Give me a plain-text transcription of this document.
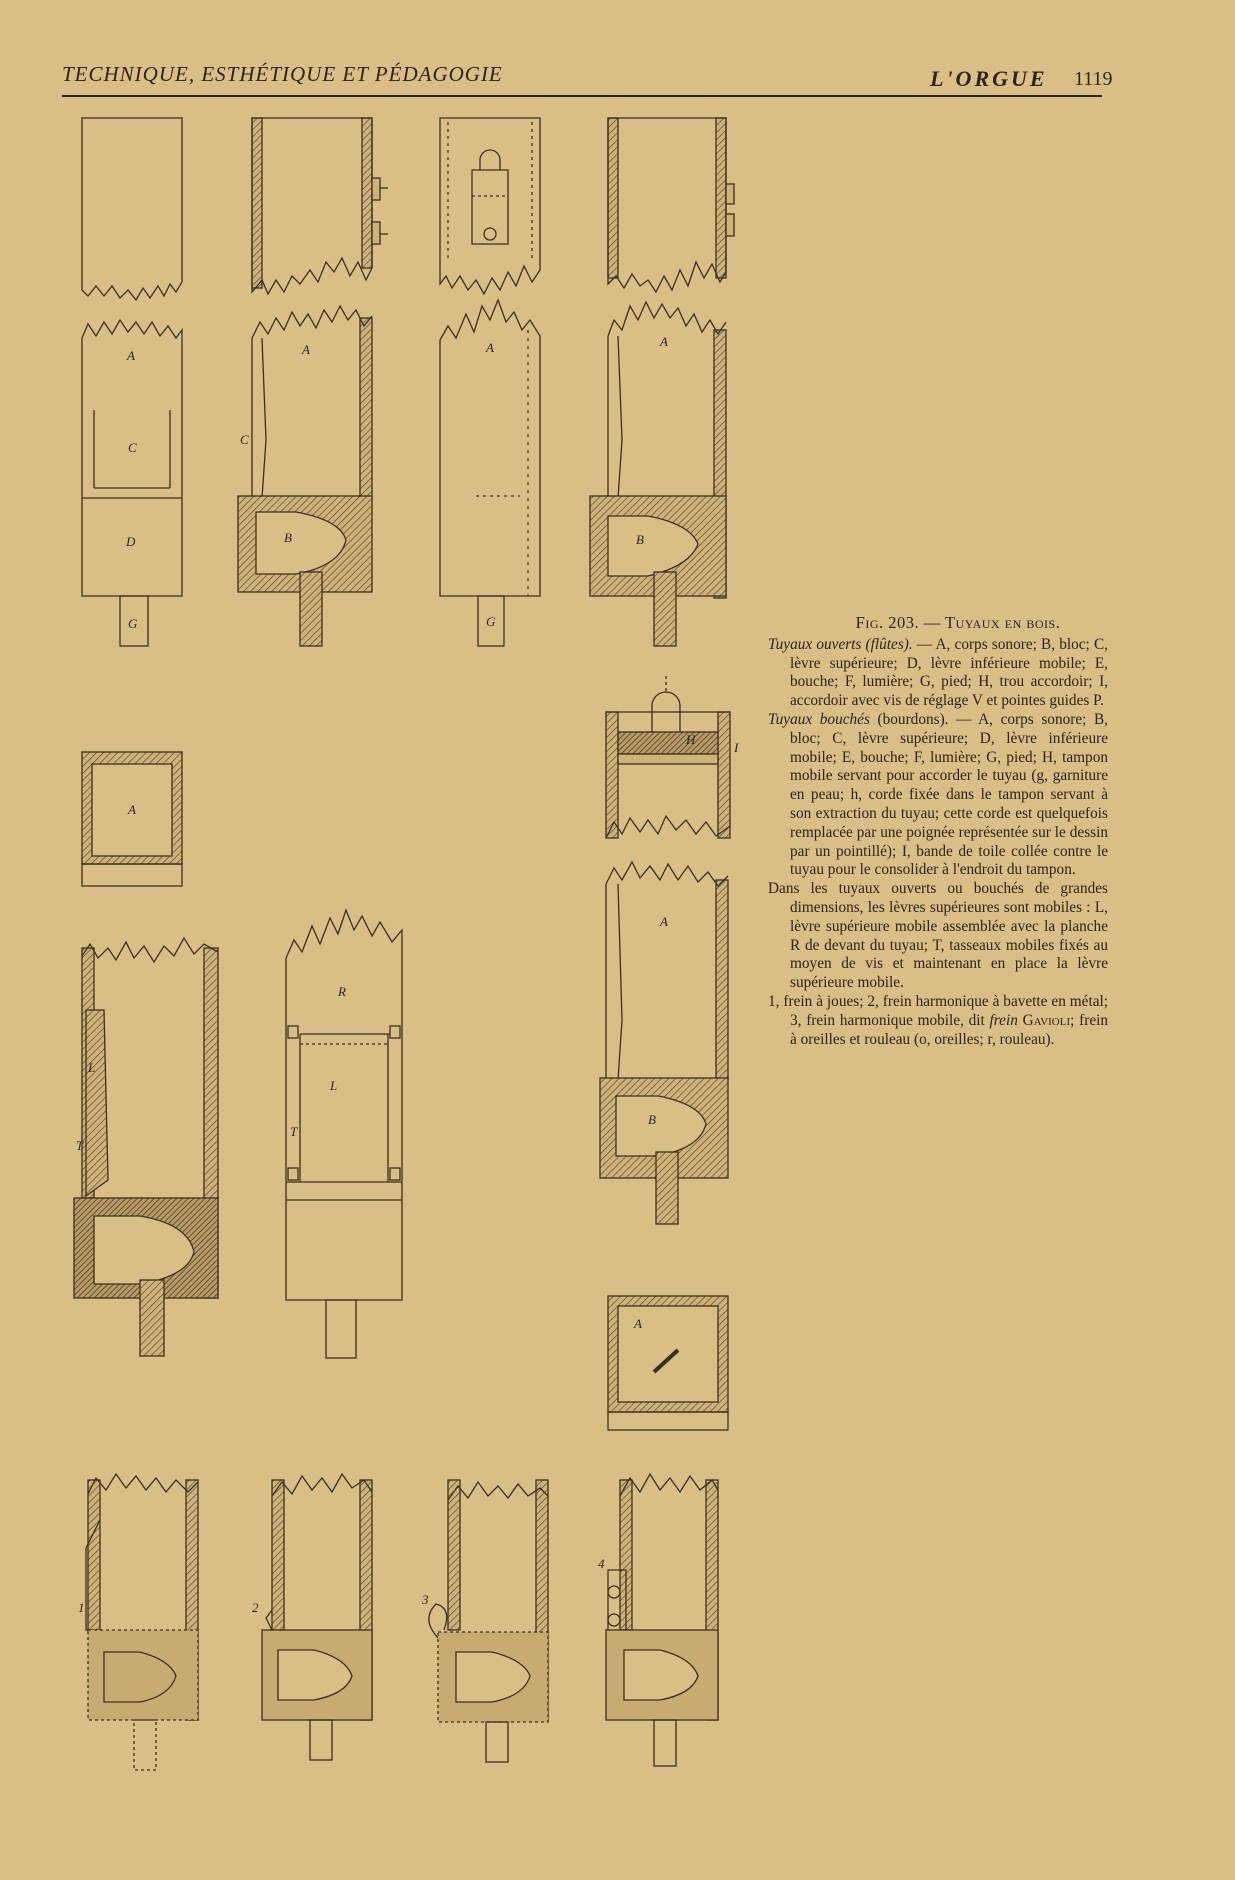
TECHNIQUE, ESTHÉTIQUE ET PÉDAGOGIE	L'ORGUE 1119
A
C
D
G
A
C
B
A
G
A
B
A
A
B
I
H
A
R
L
L
T
T
1	2
3
4
Fig. 203. — Tuyaux en bois.

Tuyaux ouverts (flûtes). — A, corps sonore; B, bloc; C, lèvre supérieure; D, lèvre inférieure mobile; E, bouche; F, lumière; G, pied; H, trou accordoir; I, accordoir avec vis de réglage V et pointes guides P.

Tuyaux bouchés (bourdons). — A, corps sonore; B, bloc; C, lèvre supérieure; D, lèvre inférieure mobile; E, bouche; F, lumière; G, pied; H, tampon mobile servant pour accorder le tuyau (g, garniture en peau; h, corde fixée dans le tampon servant à son extraction du tuyau; cette corde est quelquefois remplacée par une poignée représentée sur le dessin par un pointillé); I, bande de toile collée contre le tuyau pour le consolider à l'endroit du tampon.

Dans les tuyaux ouverts ou bouchés de grandes dimensions, les lèvres supérieures sont mobiles : L, lèvre supérieure mobile assemblée avec la planche R de devant du tuyau; T, tasseaux mobiles fixés au moyen de vis et maintenant en place la lèvre supérieure mobile.

1, frein à joues; 2, frein harmonique à bavette en métal; 3, frein harmonique mobile, dit frein Gavioli; frein à oreilles et rouleau (o, oreilles; r, rouleau).
